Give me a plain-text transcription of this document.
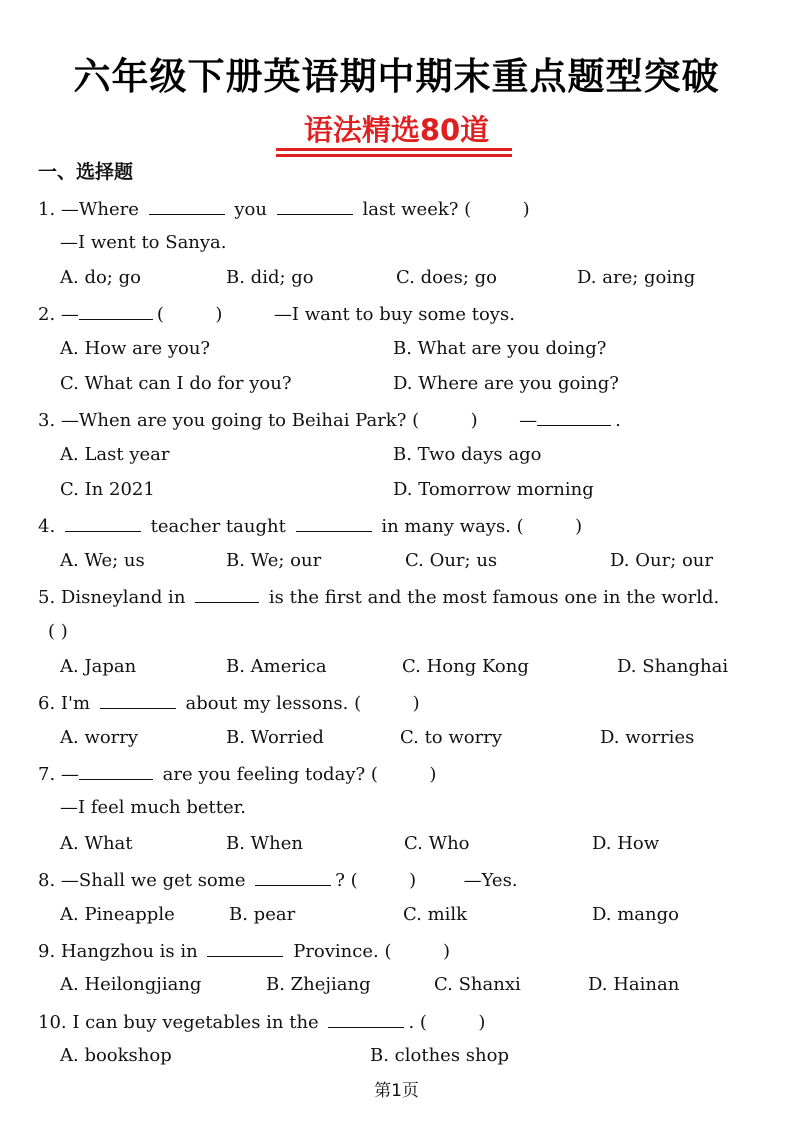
六年级下册英语期中期末重点题型突破
语法精选80道
一、选择题
1. —Where	you	last week? (	)
—I went to Sanya.
A. do; go	B. did; go	C. does; go	D. are; going
2. —	(	)	—I want to buy some toys.
A. How are you?	B. What are you doing?
C. What can I do for you?	D. Where are you going?
3. —When are you going to Beihai Park? (	) —	.
A. Last year	B. Two days ago
C. In 2021	D. Tomorrow morning
4.	teacher taught	in many ways. (	)
A. We; us	B. We; our	C. Our; us	D. Our; our
5. Disneyland in	is the first and the most famous one in the world.
( )
A. Japan	B. America	C. Hong Kong	D. Shanghai
6. I'm	about my lessons. (	)
A. worry	B. Worried	C. to worry	D. worries
7. —	are you feeling today? (	)
—I feel much better.
A. What	B. When	C. Who	D. How
8. —Shall we get some	? (	)	—Yes.
A. Pineapple	B. pear	C. milk	D. mango
9. Hangzhou is in	Province. (	)
A. Heilongjiang	B. Zhejiang	C. Shanxi	D. Hainan
10. I can buy vegetables in the	. (	)
A. bookshop	B. clothes shop
第1页
